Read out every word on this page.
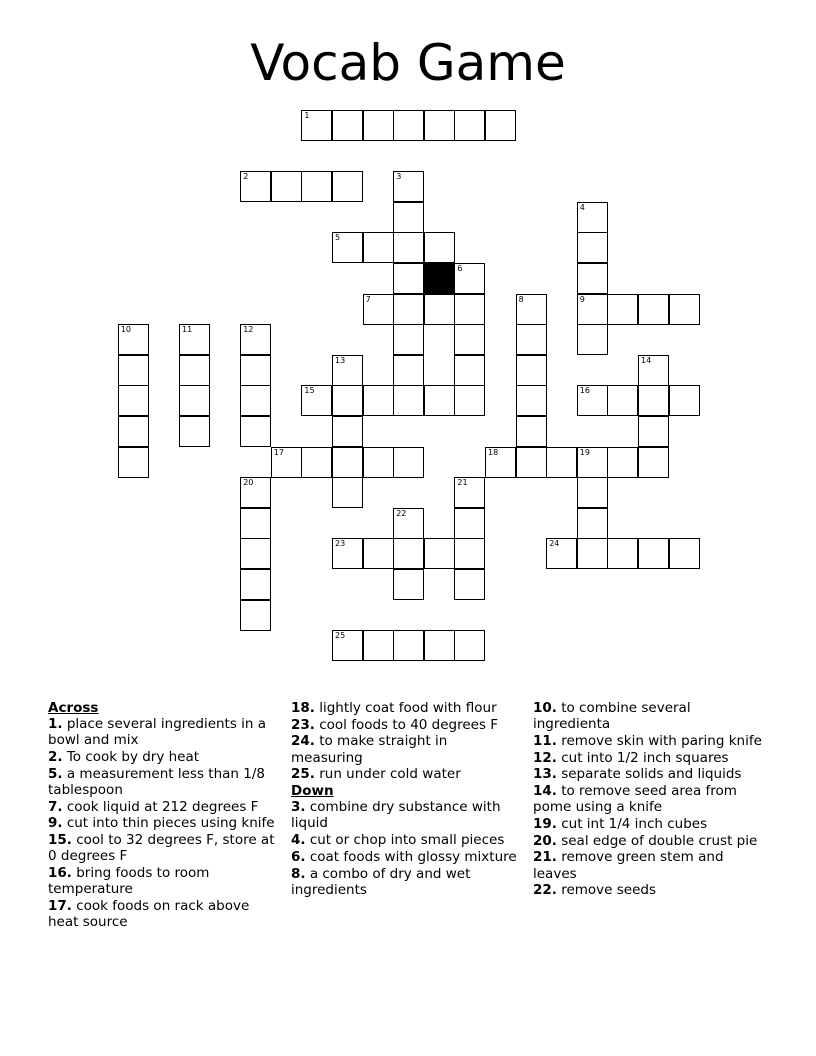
Vocab Game
1
2	3
4
5
6
7	8	9
10	11	12
13	14
15	16
17	18	19
20	21
22
23	24
25
Across
1. place several ingredients in a bowl and mix
2. To cook by dry heat
5. a measurement less than 1/8 tablespoon
7. cook liquid at 212 degrees F
9. cut into thin pieces using knife
15. cool to 32 degrees F, store at 0 degrees F
16. bring foods to room temperature
17. cook foods on rack above heat source
18. lightly coat food with flour
23. cool foods to 40 degrees F
24. to make straight in measuring
25. run under cold water
Down
3. combine dry substance with liquid
4. cut or chop into small pieces
6. coat foods with glossy mixture
8. a combo of dry and wet ingredients
10. to combine several ingredienta
11. remove skin with paring knife
12. cut into 1/2 inch squares
13. separate solids and liquids
14. to remove seed area from pome using a knife
19. cut int 1/4 inch cubes
20. seal edge of double crust pie
21. remove green stem and leaves
22. remove seeds
